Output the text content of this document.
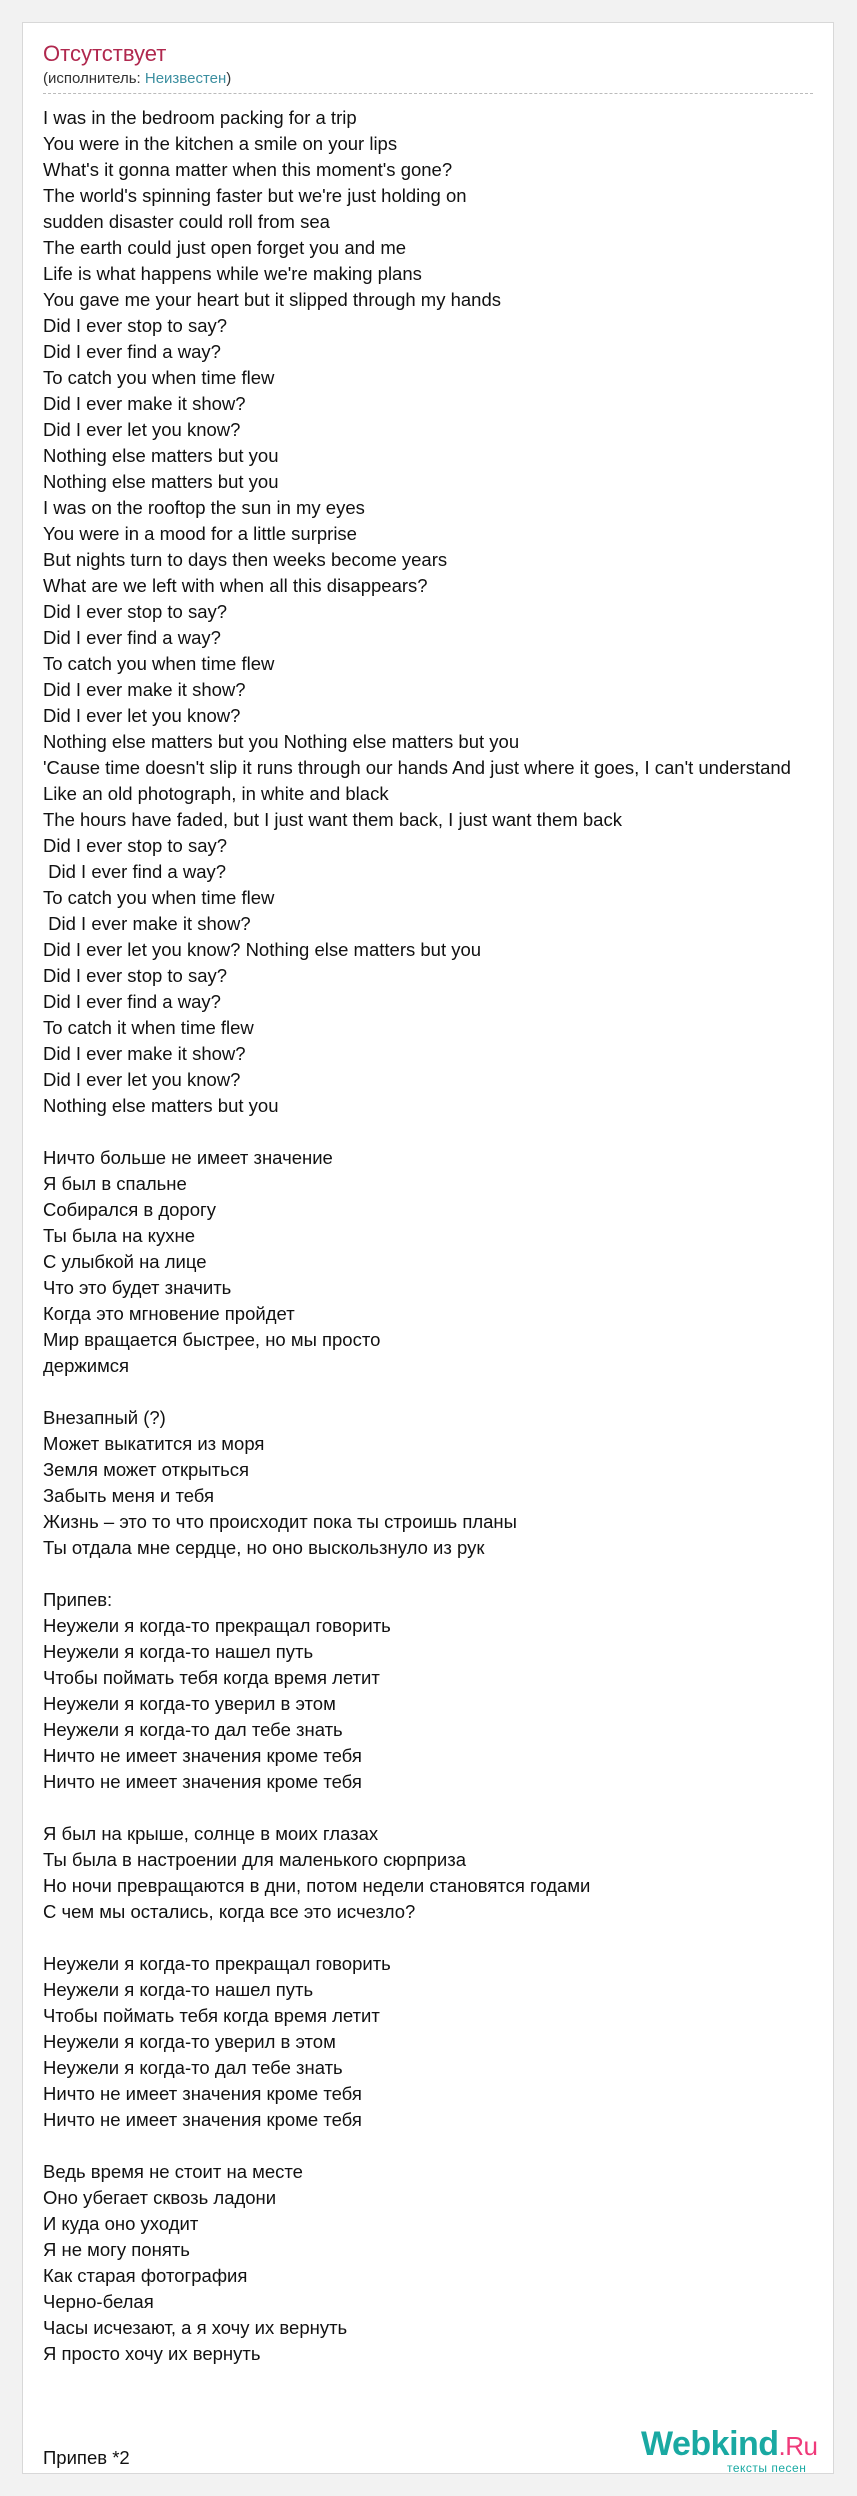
Отсутствует
(исполнитель: Неизвестен)
I was in the bedroom packing for a trip
You were in the kitchen a smile on your lips
What's it gonna matter when this moment's gone?
The world's spinning faster but we're just holding on
sudden disaster could roll from sea
The earth could just open forget you and me
Life is what happens while we're making plans
You gave me your heart but it slipped through my hands
Did I ever stop to say?
Did I ever find a way?
To catch you when time flew
Did I ever make it show?
Did I ever let you know?
Nothing else matters but you
Nothing else matters but you
I was on the rooftop the sun in my eyes
You were in a mood for a little surprise
But nights turn to days then weeks become years
What are we left with when all this disappears?
Did I ever stop to say?
Did I ever find a way?
To catch you when time flew
Did I ever make it show?
Did I ever let you know?
Nothing else matters but you Nothing else matters but you
'Cause time doesn't slip it runs through our hands And just where it goes, I can't understand
Like an old photograph, in white and black
The hours have faded, but I just want them back, I just want them back
Did I ever stop to say?
Did I ever find a way?
To catch you when time flew
Did I ever make it show?
Did I ever let you know? Nothing else matters but you
Did I ever stop to say?
Did I ever find a way?
To catch it when time flew
Did I ever make it show?
Did I ever let you know?
Nothing else matters but you
Ничто больше не имеет значение
Я был в спальне
Собирался в дорогу
Ты была на кухне
С улыбкой на лице
Что это будет значить
Когда это мгновение пройдет
Мир вращается быстрее, но мы просто
держимся
Внезапный (?)
Может выкатится из моря
Земля может открыться
Забыть меня и тебя
Жизнь – это то что происходит пока ты строишь планы
Ты отдала мне сердце, но оно выскользнуло из рук
Припев:
Неужели я когда-то прекращал говорить
Неужели я когда-то нашел путь
Чтобы поймать тебя когда время летит
Неужели я когда-то уверил в этом
Неужели я когда-то дал тебе знать
Ничто не имеет значения кроме тебя
Ничто не имеет значения кроме тебя
Я был на крыше, солнце в моих глазах
Ты была в настроении для маленького сюрприза
Но ночи превращаются в дни, потом недели становятся годами
С чем мы остались, когда все это исчезло?
Неужели я когда-то прекращал говорить
Неужели я когда-то нашел путь
Чтобы поймать тебя когда время летит
Неужели я когда-то уверил в этом
Неужели я когда-то дал тебе знать
Ничто не имеет значения кроме тебя
Ничто не имеет значения кроме тебя
Ведь время не стоит на месте
Оно убегает сквозь ладони
И куда оно уходит
Я не могу понять
Как старая фотография
Черно-белая
Часы исчезают, а я хочу их вернуть
Я просто хочу их вернуть
Припев *2	Webkind.Ru
тексты песен
